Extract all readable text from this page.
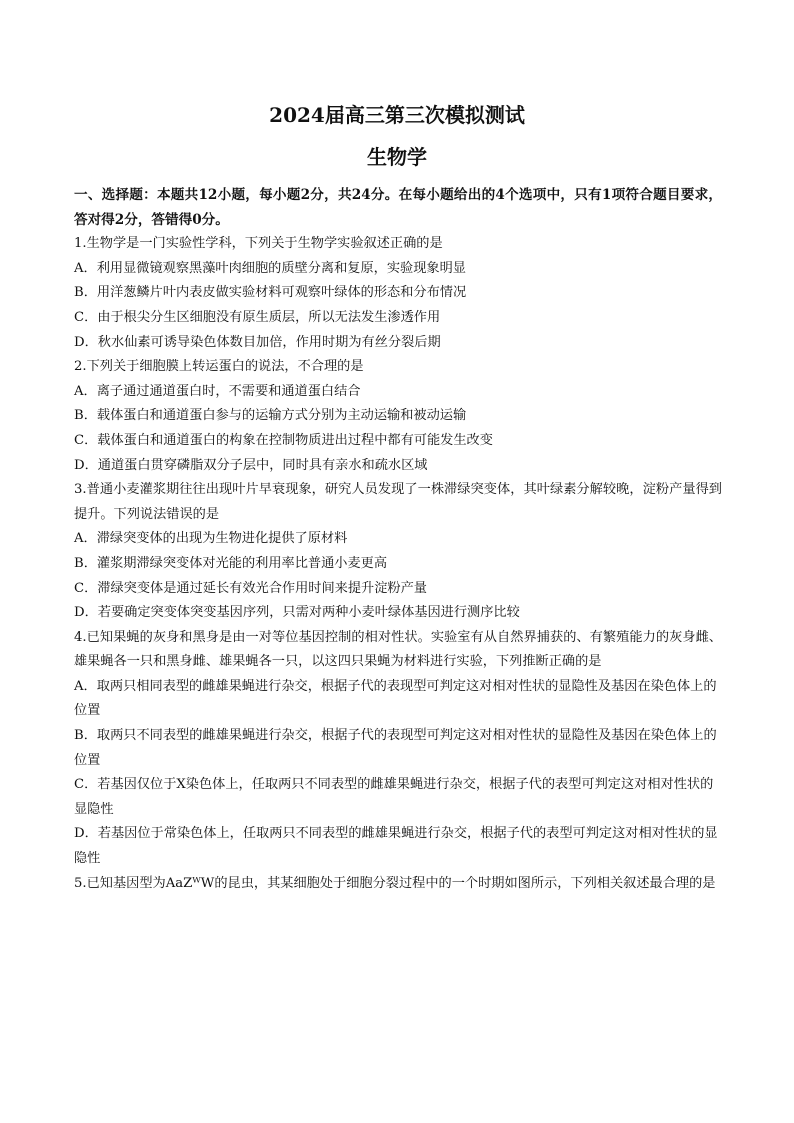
2024届高三第三次模拟测试
生物学

一、选择题：本题共12小题，每小题2分，共24分。在每小题给出的4个选项中，只有1项符合题目要求，答对得2分，答错得0分。

1.生物学是一门实验性学科，下列关于生物学实验叙述正确的是

A．利用显微镜观察黑藻叶肉细胞的质壁分离和复原，实验现象明显

B．用洋葱鳞片叶内表皮做实验材料可观察叶绿体的形态和分布情况

C．由于根尖分生区细胞没有原生质层，所以无法发生渗透作用

D．秋水仙素可诱导染色体数目加倍，作用时期为有丝分裂后期

2.下列关于细胞膜上转运蛋白的说法，不合理的是

A．离子通过通道蛋白时，不需要和通道蛋白结合

B．载体蛋白和通道蛋白参与的运输方式分别为主动运输和被动运输

C．载体蛋白和通道蛋白的构象在控制物质进出过程中都有可能发生改变

D．通道蛋白贯穿磷脂双分子层中，同时具有亲水和疏水区域

3.普通小麦灌浆期往往出现叶片早衰现象，研究人员发现了一株滞绿突变体，其叶绿素分解较晚，淀粉产量得到提升。下列说法错误的是

A．滞绿突变体的出现为生物进化提供了原材料

B．灌浆期滞绿突变体对光能的利用率比普通小麦更高

C．滞绿突变体是通过延长有效光合作用时间来提升淀粉产量

D．若要确定突变体突变基因序列，只需对两种小麦叶绿体基因进行测序比较

4.已知果蝇的灰身和黑身是由一对等位基因控制的相对性状。实验室有从自然界捕获的、有繁殖能力的灰身雌、雄果蝇各一只和黑身雌、雄果蝇各一只，以这四只果蝇为材料进行实验，下列推断正确的是

A．取两只相同表型的雌雄果蝇进行杂交，根据子代的表现型可判定这对相对性状的显隐性及基因在染色体上的位置

B．取两只不同表型的雌雄果蝇进行杂交，根据子代的表现型可判定这对相对性状的显隐性及基因在染色体上的位置

C．若基因仅位于X染色体上，任取两只不同表型的雌雄果蝇进行杂交，根据子代的表型可判定这对相对性状的显隐性

D．若基因位于常染色体上，任取两只不同表型的雌雄果蝇进行杂交，根据子代的表型可判定这对相对性状的显隐性

5.已知基因型为AaZᵂW的昆虫，其某细胞处于细胞分裂过程中的一个时期如图所示，下列相关叙述最合理的是
